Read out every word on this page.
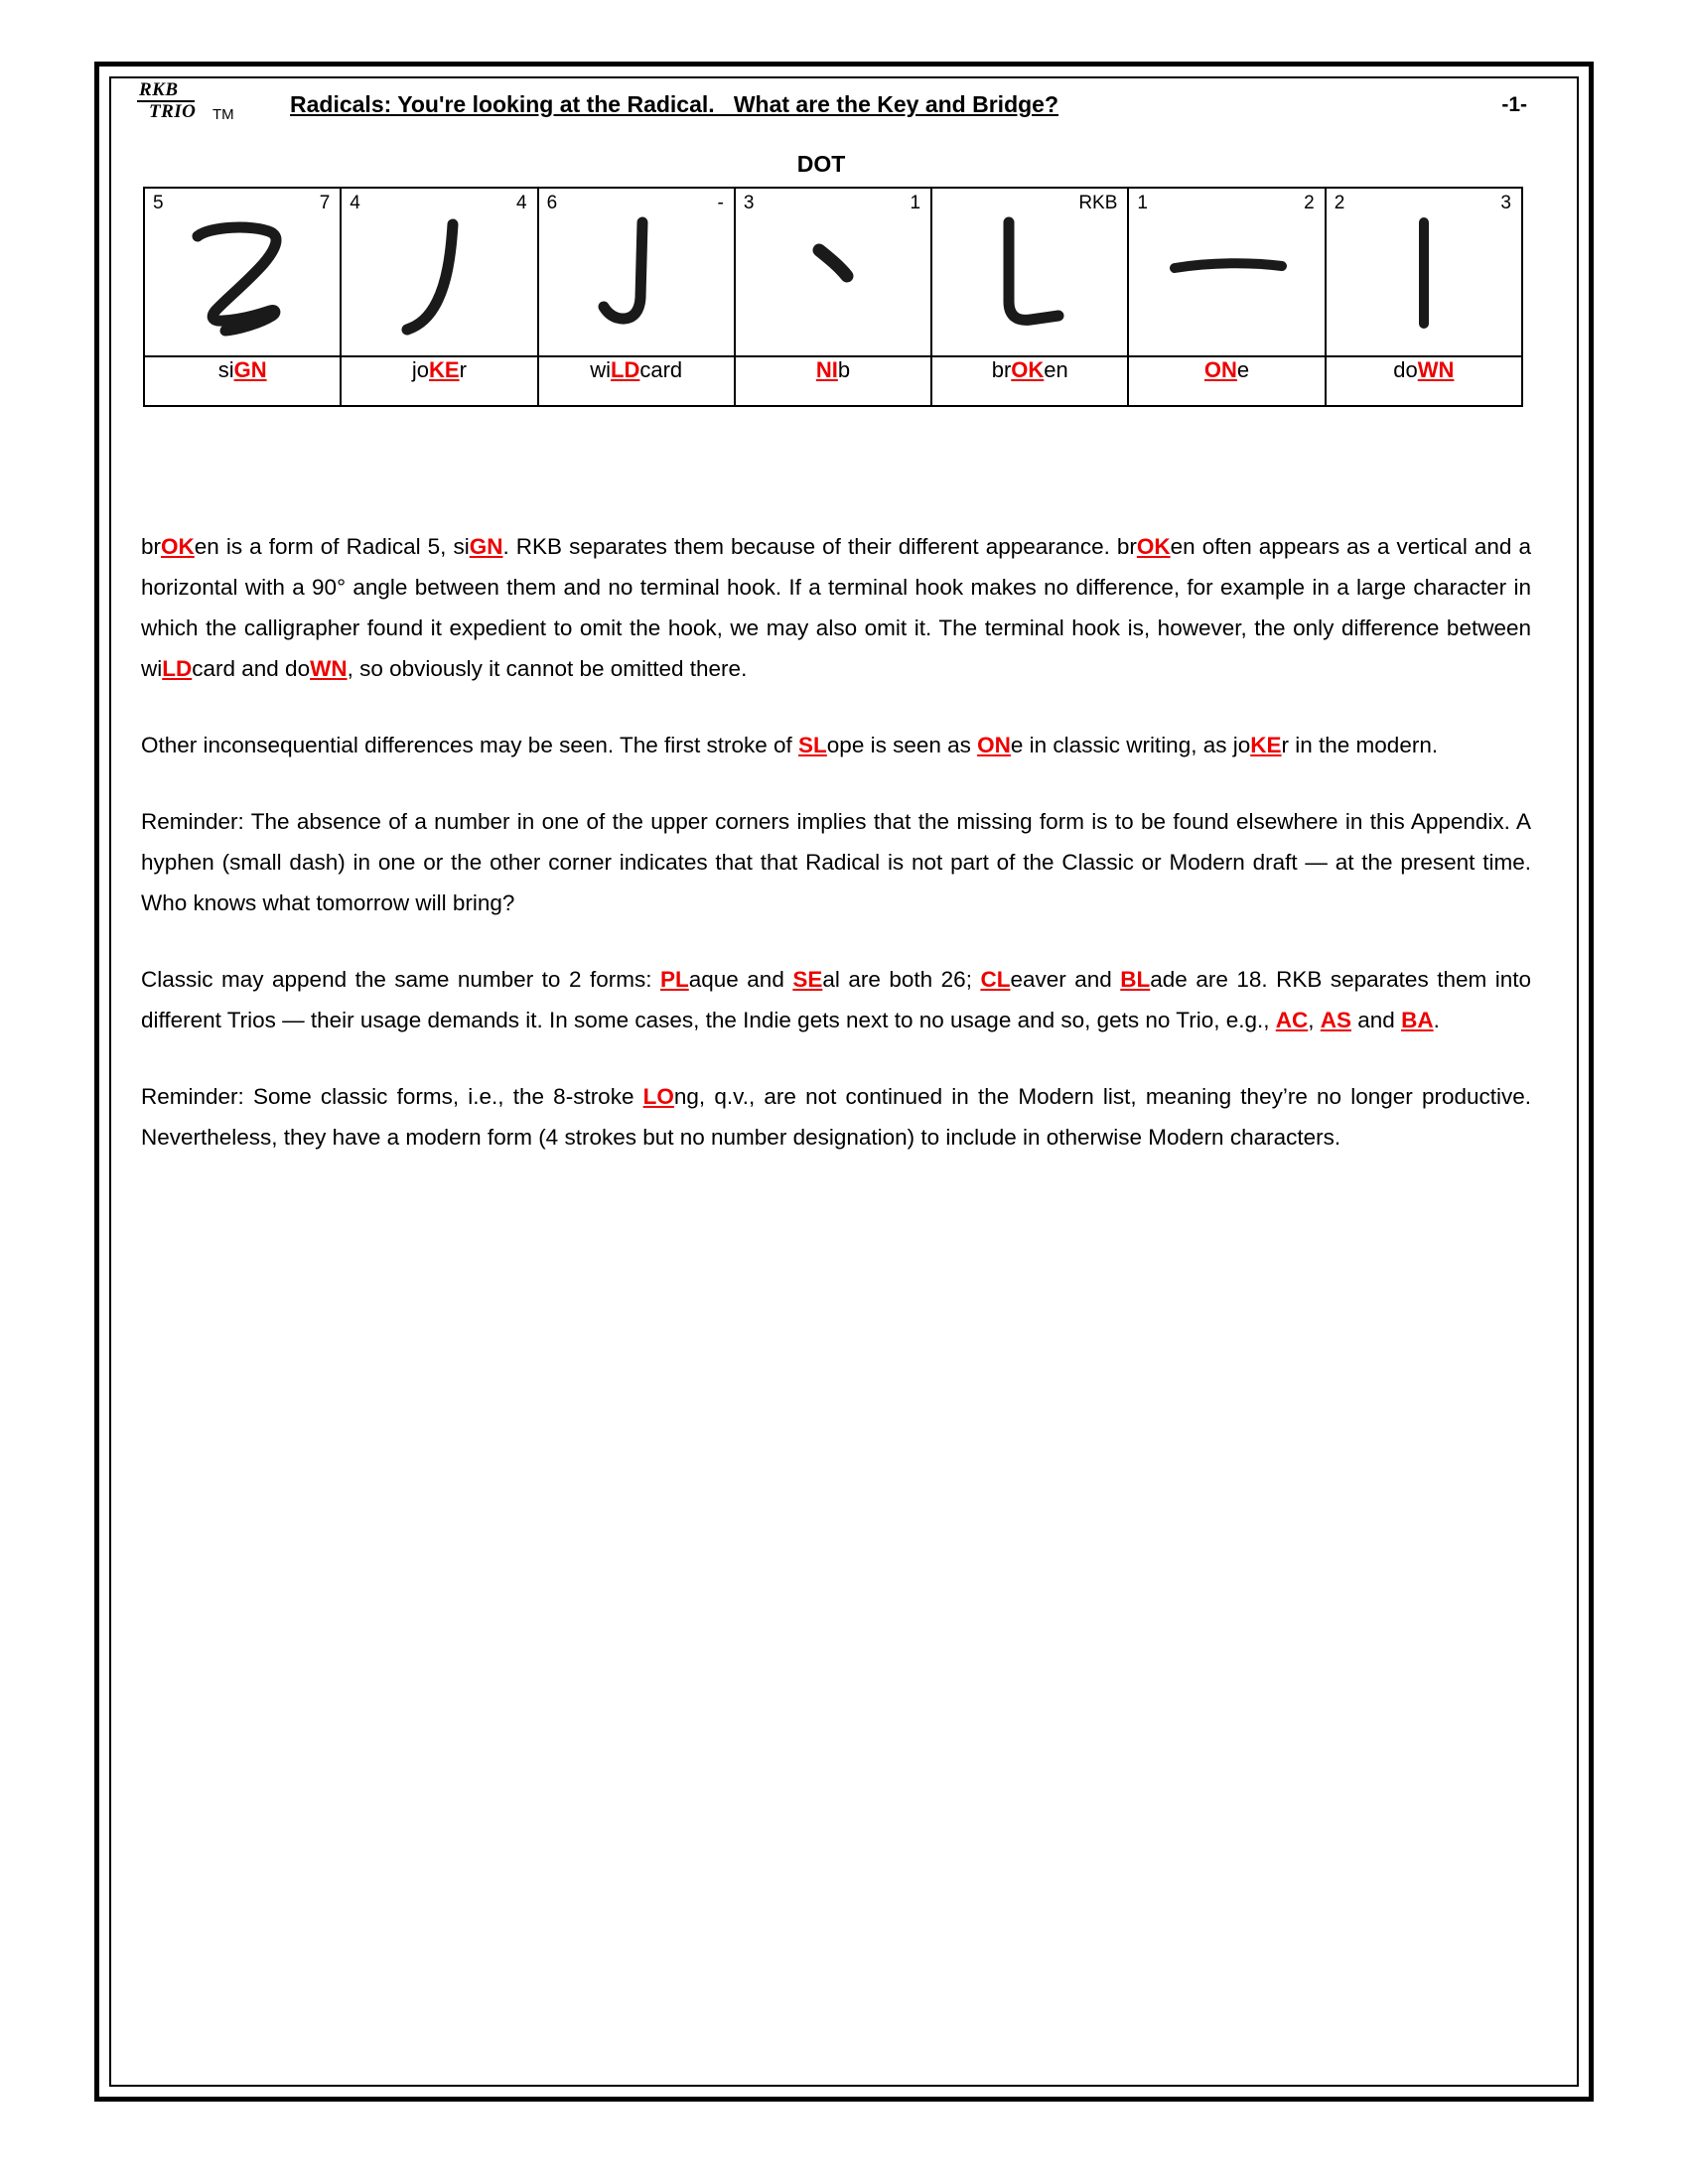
RKB
TRIO TM Radicals: You're looking at the Radical.   What are the Key and Bridge?	-1-
DOT
5 7	4 4	6 -	3 1	RKB	1 2	2 3

siGN	joKEr	wiLDcard	NIb	brOKen	ONe	doWN

brOKen is a form of Radical 5, siGN. RKB separates them because of their different appearance. brOKen often appears as a vertical and a horizontal with a 90° angle between them and no terminal hook. If a terminal hook makes no difference, for example in a large character in which the calligrapher found it expedient to omit the hook, we may also omit it. The terminal hook is, however, the only difference between wiLDcard and doWN, so obviously it cannot be omitted there.

Other inconsequential differences may be seen. The first stroke of SLope is seen as ONe in classic writing, as joKEr in the modern.

Reminder: The absence of a number in one of the upper corners implies that the missing form is to be found elsewhere in this Appendix. A hyphen (small dash) in one or the other corner indicates that that Radical is not part of the Classic or Modern draft — at the present time. Who knows what tomorrow will bring?

Classic may append the same number to 2 forms: PLaque and SEal are both 26; CLeaver and BLade are 18. RKB separates them into different Trios — their usage demands it. In some cases, the Indie gets next to no usage and so, gets no Trio, e.g., AC, AS and BA.

Reminder: Some classic forms, i.e., the 8-stroke LOng, q.v., are not continued in the Modern list, meaning they’re no longer productive. Nevertheless, they have a modern form (4 strokes but no number designation) to include in otherwise Modern characters.
